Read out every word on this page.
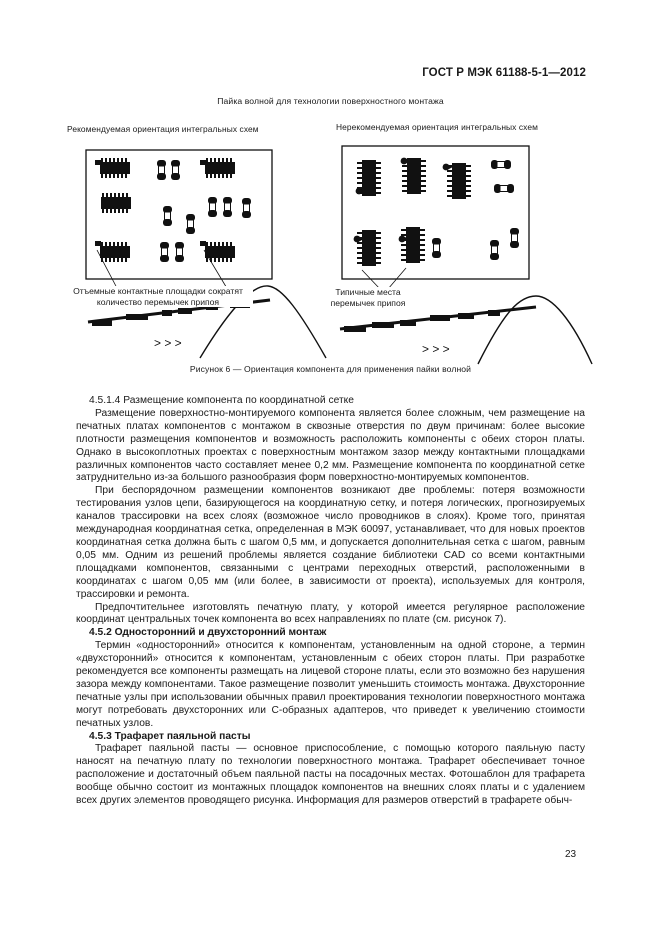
ГОСТ Р МЭК 61188-5-1—2012
Пайка волной для технологии поверхностного монтажа
Рекомендуемая ориентация интегральных схем	Нерекомендуемая ориентация интегральных схем
> > >	> > >
Отъемные контактные площадки сократят количество перемычек припоя
Типичные места перемычек припоя
Рисунок 6 — Ориентация компонента для применения пайки волной

4.5.1.4 Размещение компонента по координатной сетке

Размещение поверхностно-монтируемого компонента является более сложным, чем размещение на печатных платах компонентов с монтажом в сквозные отверстия по двум причинам: более высокие плотности размещения компонентов и возможность расположить компоненты с обеих сторон платы. Однако в высокоплотных проектах с поверхностным монтажом зазор между контактными площадками различных компонентов часто составляет менее 0,2 мм. Размещение компонента по координатной сетке затруднительно из-за большого разнообразия форм поверхностно-монтируемых компонентов.

При беспорядочном размещении компонентов возникают две проблемы: потеря возможности тестирования узлов цепи, базирующегося на координатную сетку, и потеря логических, прогнозируемых каналов трассировки на всех слоях (возможное число проводников в слоях). Кроме того, принятая международная координатная сетка, определенная в МЭК 60097, устанавливает, что для новых проектов координатная сетка должна быть с шагом 0,5 мм, и допускается дополнительная сетка с шагом, равным 0,05 мм. Одним из решений проблемы является создание библиотеки CAD со всеми контактными площадками компонентов, связанными с центрами переходных отверстий, расположенными в координатах с шагом 0,05 мм (или более, в зависимости от проекта), используемых для контроля, трассировки и ремонта.

Предпочтительнее изготовлять печатную плату, у которой имеется регулярное расположение координат центральных точек компонента во всех направлениях по плате (см. рисунок 7).

4.5.2 Односторонний и двухсторонний монтаж

Термин «односторонний» относится к компонентам, установленным на одной стороне, а термин «двухсторонний» относится к компонентам, установленным с обеих сторон платы. При разработке рекомендуется все компоненты размещать на лицевой стороне платы, если это возможно без нарушения зазора между компонентами. Такое размещение позволит уменьшить стоимость монтажа. Двухсторонние печатные узлы при использовании обычных правил проектирования технологии поверхностного монтажа могут потребовать двухсторонних или С-образных адаптеров, что приведет к увеличению стоимости печатных узлов.

4.5.3 Трафарет паяльной пасты

Трафарет паяльной пасты — основное приспособление, с помощью которого паяльную пасту наносят на печатную плату по технологии поверхностного монтажа. Трафарет обеспечивает точное расположение и достаточный объем паяльной пасты на посадочных местах. Фотошаблон для трафарета вообще обычно состоит из монтажных площадок компонентов на внешних слоях платы и с удалением всех других элементов проводящего рисунка. Информация для размеров отверстий в трафарете обыч-

23
